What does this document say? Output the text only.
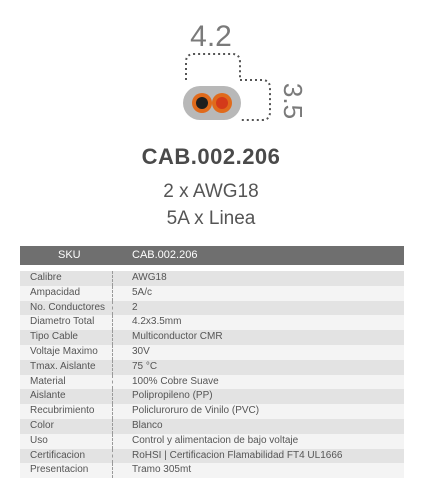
4.2
3.5
CAB.002.206
2 x AWG18
5A x Linea
SKU	CAB.002.206
Calibre	AWG18
Ampacidad	5A/c
No. Conductores	2
Diametro Total	4.2x3.5mm
Tipo Cable	Multiconductor CMR
Voltaje Maximo	30V
Tmax. Aislante	75 °C
Material	100% Cobre Suave
Aislante	Polipropileno (PP)
Recubrimiento	Policluroruro de Vinilo (PVC)
Color	Blanco
Uso	Control y alimentacion de bajo voltaje
Certificacion	RoHSI | Certificacion Flamabilidad FT4 UL1666
Presentacion	Tramo 305mt
